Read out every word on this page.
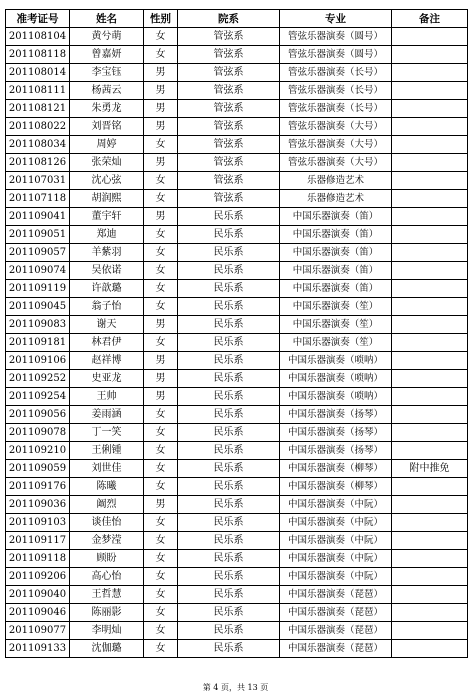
准考证号	姓名	性别	院系	专业	备注
201108104	黄兮萌	女	管弦系	管弦乐器演奏（圆号）	
201108118	曾嘉妍	女	管弦系	管弦乐器演奏（圆号）	
201108014	李宝钰	男	管弦系	管弦乐器演奏（长号）	
201108111	杨茜云	男	管弦系	管弦乐器演奏（长号）	
201108121	朱勇龙	男	管弦系	管弦乐器演奏（长号）	
201108022	刘晋铭	男	管弦系	管弦乐器演奏（大号）	
201108034	周婷	女	管弦系	管弦乐器演奏（大号）	
201108126	张荣灿	男	管弦系	管弦乐器演奏（大号）	
201107031	沈心弦	女	管弦系	乐器修造艺术	
201107118	胡润熙	女	管弦系	乐器修造艺术	
201109041	董宇轩	男	民乐系	中国乐器演奏（笛）	
201109051	郑迪	女	民乐系	中国乐器演奏（笛）	
201109057	羊紫羽	女	民乐系	中国乐器演奏（笛）	
201109074	吴依诺	女	民乐系	中国乐器演奏（笛）	
201109119	许歆璐	女	民乐系	中国乐器演奏（笛）	
201109045	翁子怡	女	民乐系	中国乐器演奏（笙）	
201109083	谢天	男	民乐系	中国乐器演奏（笙）	
201109181	林君伊	女	民乐系	中国乐器演奏（笙）	
201109106	赵祥博	男	民乐系	中国乐器演奏（唢呐）	
201109252	史亚龙	男	民乐系	中国乐器演奏（唢呐）	
201109254	王帅	男	民乐系	中国乐器演奏（唢呐）	
201109056	姜雨涵	女	民乐系	中国乐器演奏（扬琴）	
201109078	丁一笑	女	民乐系	中国乐器演奏（扬琴）	
201109210	王俐锺	女	民乐系	中国乐器演奏（扬琴）	
201109059	刘世佳	女	民乐系	中国乐器演奏（柳琴）	附中推免
201109176	陈曦	女	民乐系	中国乐器演奏（柳琴）	
201109036	阚烈	男	民乐系	中国乐器演奏（中阮）	
201109103	谈佳怡	女	民乐系	中国乐器演奏（中阮）	
201109117	金梦滢	女	民乐系	中国乐器演奏（中阮）	
201109118	顾盼	女	民乐系	中国乐器演奏（中阮）	
201109206	高心怡	女	民乐系	中国乐器演奏（中阮）	
201109040	王哲慧	女	民乐系	中国乐器演奏（琵琶）	
201109046	陈丽影	女	民乐系	中国乐器演奏（琵琶）	
201109077	李明灿	女	民乐系	中国乐器演奏（琵琶）	
201109133	沈伽璐	女	民乐系	中国乐器演奏（琵琶）	
第 4 页，共 13 页
